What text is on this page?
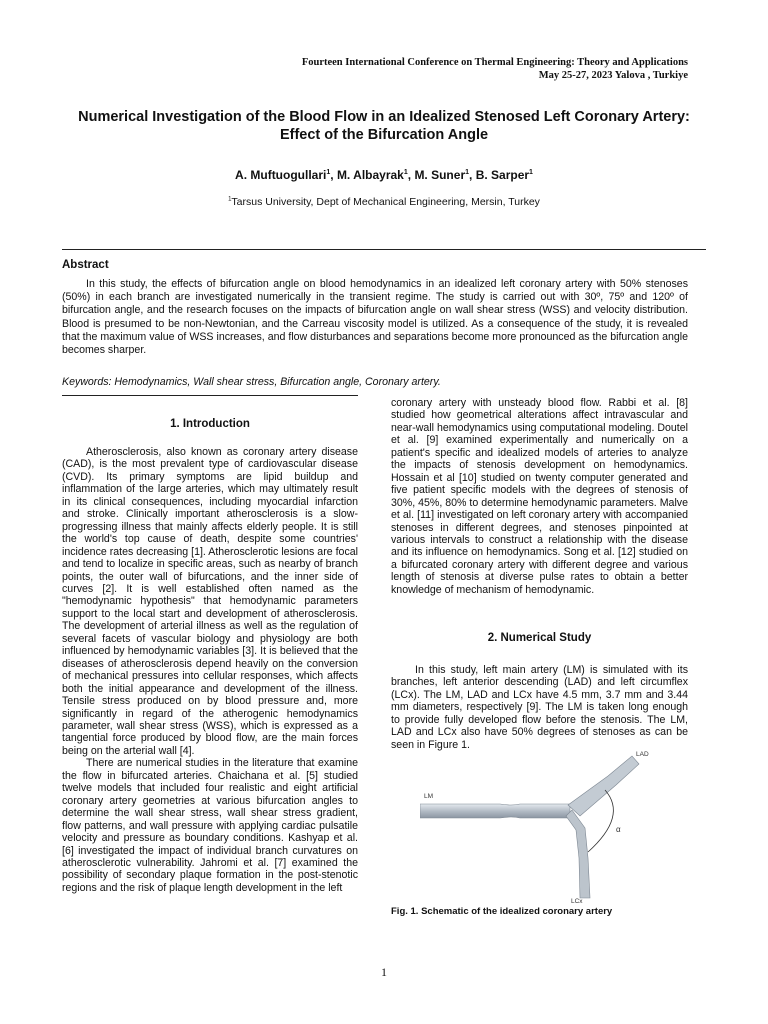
Fourteen International Conference on Thermal Engineering: Theory and Applications
May 25-27, 2023 Yalova , Turkiye
Numerical Investigation of the Blood Flow in an Idealized Stenosed Left Coronary Artery: Effect of the Bifurcation Angle
A. Muftuogullari$^1$, M. Albayrak$^1$, M. Suner$^1$, B. Sarper$^1$
$^1$Tarsus University, Dept of Mechanical Engineering, Mersin, Turkey
Abstract
In this study, the effects of bifurcation angle on blood hemodynamics in an idealized left coronary artery with 50% stenoses (50%) in each branch are investigated numerically in the transient regime. The study is carried out with 30º, 75º and 120º of bifurcation angle, and the research focuses on the impacts of bifurcation angle on wall shear stress (WSS) and velocity distribution. Blood is presumed to be non-Newtonian, and the Carreau viscosity model is utilized. As a consequence of the study, it is revealed that the maximum value of WSS increases, and flow disturbances and separations become more pronounced as the bifurcation angle becomes sharper.
Keywords: Hemodynamics, Wall shear stress, Bifurcation angle, Coronary artery.
1. Introduction

Atherosclerosis, also known as coronary artery disease (CAD), is the most prevalent type of cardiovascular disease (CVD). Its primary symptoms are lipid buildup and inflammation of the large arteries, which may ultimately result in its clinical consequences, including myocardial infarction and stroke. Clinically important atherosclerosis is a slow-progressing illness that mainly affects elderly people. It is still the world's top cause of death, despite some countries' incidence rates decreasing [1]. Atherosclerotic lesions are focal and tend to localize in specific areas, such as nearby of branch points, the outer wall of bifurcations, and the inner side of curves [2]. It is well established often named as the "hemodynamic hypothesis" that hemodynamic parameters support to the local start and development of atherosclerosis. The development of arterial illness as well as the regulation of several facets of vascular biology and physiology are both influenced by hemodynamic variables [3]. It is believed that the diseases of atherosclerosis depend heavily on the conversion of mechanical pressures into cellular responses, which affects both the initial appearance and development of the illness. Tensile stress produced on by blood pressure and, more significantly in regard of the atherogenic hemodynamics parameter, wall shear stress (WSS), which is expressed as a tangential force produced by blood flow, are the main forces being on the arterial wall [4].

There are numerical studies in the literature that examine the flow in bifurcated arteries. Chaichana et al. [5] studied twelve models that included four realistic and eight artificial coronary artery geometries at various bifurcation angles to determine the wall shear stress, wall shear stress gradient, flow patterns, and wall pressure with applying cardiac pulsatile velocity and pressure as boundary conditions. Kashyap et al. [6] investigated the impact of individual branch curvatures on atherosclerotic vulnerability. Jahromi et al. [7] examined the possibility of secondary plaque formation in the post-stenotic regions and the risk of plaque length development in the left

coronary artery with unsteady blood flow. Rabbi et al. [8] studied how geometrical alterations affect intravascular and near-wall hemodynamics using computational modeling. Doutel et al. [9] examined experimentally and numerically on a patient's specific and idealized models of arteries to analyze the impacts of stenosis development on hemodynamics. Hossain et al [10] studied on twenty computer generated and five patient specific models with the degrees of stenosis of 30%, 45%, 80% to determine hemodynamic parameters. Malve et al. [11] investigated on left coronary artery with accompanied stenoses in different degrees, and stenoses pinpointed at various intervals to construct a relationship with the disease and its influence on hemodynamics. Song et al. [12] studied on a bifurcated coronary artery with different degree and various length of stenosis at diverse pulse rates to obtain a better knowledge of mechanism of hemodynamic.

2. Numerical Study

In this study, left main artery (LM) is simulated with its branches, left anterior descending (LAD) and left circumflex (LCx). The LM, LAD and LCx have 4.5 mm, 3.7 mm and 3.44 mm diameters, respectively [9]. The LM is taken long enough to provide fully developed flow before the stenosis. The LM, LAD and LCx also have 50% degrees of stenoses as can be seen in Figure 1.

LAD
LM
LCx
α
Fig. 1. Schematic of the idealized coronary artery
1
